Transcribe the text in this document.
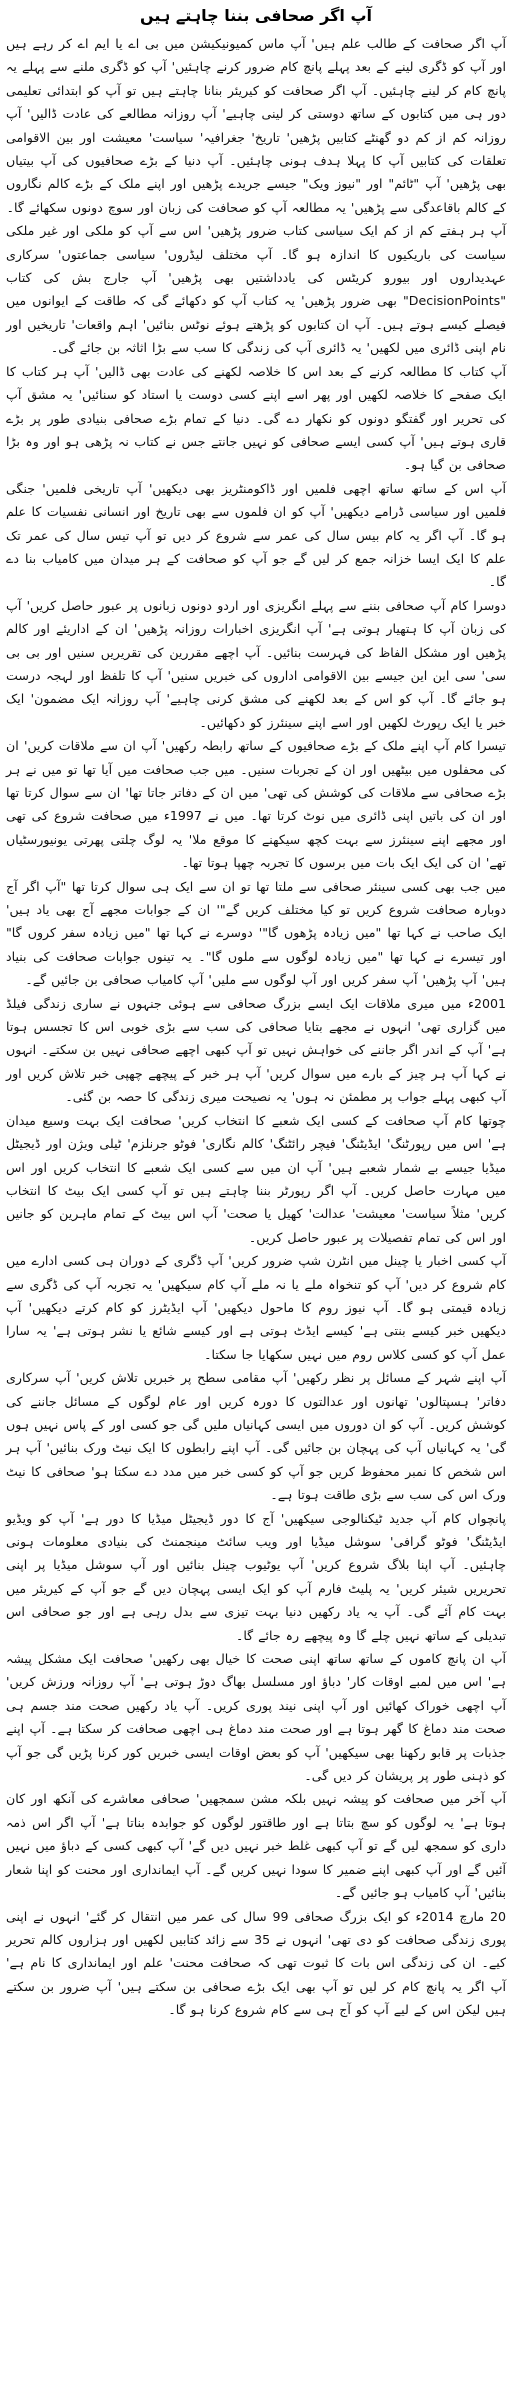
آپ اگر صحافی بننا چاہتے ہیں

آپ اگر صحافت کے طالب علم ہیں' آپ ماس کمیونیکیشن میں بی اے یا ایم اے کر رہے ہیں اور آپ کو ڈگری لینے کے بعد پہلے پانچ کام ضرور کرنے چاہئیں' آپ کو ڈگری ملنے سے پہلے یہ پانچ کام کر لینے چاہئیں۔ آپ اگر صحافت کو کیریئر بنانا چاہتے ہیں تو آپ کو ابتدائی تعلیمی دور ہی میں کتابوں کے ساتھ دوستی کر لینی چاہیے' آپ روزانہ مطالعے کی عادت ڈالیں' آپ روزانہ کم از کم دو گھنٹے کتابیں پڑھیں' تاریخ' جغرافیہ' سیاست' معیشت اور بین الاقوامی تعلقات کی کتابیں آپ کا پہلا ہدف ہونی چاہئیں۔ آپ دنیا کے بڑے صحافیوں کی آپ بیتیاں بھی پڑھیں' آپ "ٹائم" اور "نیوز ویک" جیسے جریدے پڑھیں اور اپنے ملک کے بڑے کالم نگاروں کے کالم باقاعدگی سے پڑھیں' یہ مطالعہ آپ کو صحافت کی زبان اور سوچ دونوں سکھائے گا۔

آپ ہر ہفتے کم از کم ایک سیاسی کتاب ضرور پڑھیں' اس سے آپ کو ملکی اور غیر ملکی سیاست کی باریکیوں کا اندازہ ہو گا۔ آپ مختلف لیڈروں' سیاسی جماعتوں' سرکاری عہدیداروں اور بیورو کریٹس کی یادداشتیں بھی پڑھیں' آپ جارج بش کی کتاب "DecisionPoints" بھی ضرور پڑھیں' یہ کتاب آپ کو دکھائے گی کہ طاقت کے ایوانوں میں فیصلے کیسے ہوتے ہیں۔ آپ ان کتابوں کو پڑھتے ہوئے نوٹس بنائیں' اہم واقعات' تاریخیں اور نام اپنی ڈائری میں لکھیں' یہ ڈائری آپ کی زندگی کا سب سے بڑا اثاثہ بن جائے گی۔

آپ کتاب کا مطالعہ کرنے کے بعد اس کا خلاصہ لکھنے کی عادت بھی ڈالیں' آپ ہر کتاب کا ایک صفحے کا خلاصہ لکھیں اور پھر اسے اپنے کسی دوست یا استاد کو سنائیں' یہ مشق آپ کی تحریر اور گفتگو دونوں کو نکھار دے گی۔ دنیا کے تمام بڑے صحافی بنیادی طور پر بڑے قاری ہوتے ہیں' آپ کسی ایسے صحافی کو نہیں جانتے جس نے کتاب نہ پڑھی ہو اور وہ بڑا صحافی بن گیا ہو۔

آپ اس کے ساتھ ساتھ اچھی فلمیں اور ڈاکومنٹریز بھی دیکھیں' آپ تاریخی فلمیں' جنگی فلمیں اور سیاسی ڈرامے دیکھیں' آپ کو ان فلموں سے بھی تاریخ اور انسانی نفسیات کا علم ہو گا۔ آپ اگر یہ کام بیس سال کی عمر سے شروع کر دیں تو آپ تیس سال کی عمر تک علم کا ایک ایسا خزانہ جمع کر لیں گے جو آپ کو صحافت کے ہر میدان میں کامیاب بنا دے گا۔

دوسرا کام آپ صحافی بننے سے پہلے انگریزی اور اردو دونوں زبانوں پر عبور حاصل کریں' آپ کی زبان آپ کا ہتھیار ہوتی ہے' آپ انگریزی اخبارات روزانہ پڑھیں' ان کے اداریئے اور کالم پڑھیں اور مشکل الفاظ کی فہرست بنائیں۔ آپ اچھے مقررین کی تقریریں سنیں اور بی بی سی' سی این این جیسے بین الاقوامی اداروں کی خبریں سنیں' آپ کا تلفظ اور لہجہ درست ہو جائے گا۔ آپ کو اس کے بعد لکھنے کی مشق کرنی چاہیے' آپ روزانہ ایک مضمون' ایک خبر یا ایک رپورٹ لکھیں اور اسے اپنے سینئرز کو دکھائیں۔

تیسرا کام آپ اپنے ملک کے بڑے صحافیوں کے ساتھ رابطہ رکھیں' آپ ان سے ملاقات کریں' ان کی محفلوں میں بیٹھیں اور ان کے تجربات سنیں۔ میں جب صحافت میں آیا تھا تو میں نے ہر بڑے صحافی سے ملاقات کی کوشش کی تھی' میں ان کے دفاتر جاتا تھا' ان سے سوال کرتا تھا اور ان کی باتیں اپنی ڈائری میں نوٹ کرتا تھا۔ میں نے 1997ء میں صحافت شروع کی تھی اور مجھے اپنے سینئرز سے بہت کچھ سیکھنے کا موقع ملا' یہ لوگ چلتی پھرتی یونیورسٹیاں تھے' ان کی ایک ایک بات میں برسوں کا تجربہ چھپا ہوتا تھا۔

میں جب بھی کسی سینئر صحافی سے ملتا تھا تو ان سے ایک ہی سوال کرتا تھا "آپ اگر آج دوبارہ صحافت شروع کریں تو کیا مختلف کریں گے"' ان کے جوابات مجھے آج بھی یاد ہیں' ایک صاحب نے کہا تھا "میں زیادہ پڑھوں گا"' دوسرے نے کہا تھا "میں زیادہ سفر کروں گا" اور تیسرے نے کہا تھا "میں زیادہ لوگوں سے ملوں گا"۔ یہ تینوں جوابات صحافت کی بنیاد ہیں' آپ پڑھیں' آپ سفر کریں اور آپ لوگوں سے ملیں' آپ کامیاب صحافی بن جائیں گے۔

2001ء میں میری ملاقات ایک ایسے بزرگ صحافی سے ہوئی جنہوں نے ساری زندگی فیلڈ میں گزاری تھی' انہوں نے مجھے بتایا صحافی کی سب سے بڑی خوبی اس کا تجسس ہوتا ہے' آپ کے اندر اگر جاننے کی خواہش نہیں تو آپ کبھی اچھے صحافی نہیں بن سکتے۔ انہوں نے کہا آپ ہر چیز کے بارے میں سوال کریں' آپ ہر خبر کے پیچھے چھپی خبر تلاش کریں اور آپ کبھی پہلے جواب پر مطمئن نہ ہوں' یہ نصیحت میری زندگی کا حصہ بن گئی۔

چوتھا کام آپ صحافت کے کسی ایک شعبے کا انتخاب کریں' صحافت ایک بہت وسیع میدان ہے' اس میں رپورٹنگ' ایڈیٹنگ' فیچر رائٹنگ' کالم نگاری' فوٹو جرنلزم' ٹیلی ویژن اور ڈیجیٹل میڈیا جیسے بے شمار شعبے ہیں' آپ ان میں سے کسی ایک شعبے کا انتخاب کریں اور اس میں مہارت حاصل کریں۔ آپ اگر رپورٹر بننا چاہتے ہیں تو آپ کسی ایک بیٹ کا انتخاب کریں' مثلاً سیاست' معیشت' عدالت' کھیل یا صحت' آپ اس بیٹ کے تمام ماہرین کو جانیں اور اس کی تمام تفصیلات پر عبور حاصل کریں۔

آپ کسی اخبار یا چینل میں انٹرن شپ ضرور کریں' آپ ڈگری کے دوران ہی کسی ادارے میں کام شروع کر دیں' آپ کو تنخواہ ملے یا نہ ملے آپ کام سیکھیں' یہ تجربہ آپ کی ڈگری سے زیادہ قیمتی ہو گا۔ آپ نیوز روم کا ماحول دیکھیں' آپ ایڈیٹرز کو کام کرتے دیکھیں' آپ دیکھیں خبر کیسے بنتی ہے' کیسے ایڈٹ ہوتی ہے اور کیسے شائع یا نشر ہوتی ہے' یہ سارا عمل آپ کو کسی کلاس روم میں نہیں سکھایا جا سکتا۔

آپ اپنے شہر کے مسائل پر نظر رکھیں' آپ مقامی سطح پر خبریں تلاش کریں' آپ سرکاری دفاتر' ہسپتالوں' تھانوں اور عدالتوں کا دورہ کریں اور عام لوگوں کے مسائل جاننے کی کوشش کریں۔ آپ کو ان دوروں میں ایسی کہانیاں ملیں گی جو کسی اور کے پاس نہیں ہوں گی' یہ کہانیاں آپ کی پہچان بن جائیں گی۔ آپ اپنے رابطوں کا ایک نیٹ ورک بنائیں' آپ ہر اس شخص کا نمبر محفوظ کریں جو آپ کو کسی خبر میں مدد دے سکتا ہو' صحافی کا نیٹ ورک اس کی سب سے بڑی طاقت ہوتا ہے۔

پانچواں کام آپ جدید ٹیکنالوجی سیکھیں' آج کا دور ڈیجیٹل میڈیا کا دور ہے' آپ کو ویڈیو ایڈیٹنگ' فوٹو گرافی' سوشل میڈیا اور ویب سائٹ مینجمنٹ کی بنیادی معلومات ہونی چاہئیں۔ آپ اپنا بلاگ شروع کریں' آپ یوٹیوب چینل بنائیں اور آپ سوشل میڈیا پر اپنی تحریریں شیئر کریں' یہ پلیٹ فارم آپ کو ایک ایسی پہچان دیں گے جو آپ کے کیریئر میں بہت کام آئے گی۔ آپ یہ یاد رکھیں دنیا بہت تیزی سے بدل رہی ہے اور جو صحافی اس تبدیلی کے ساتھ نہیں چلے گا وہ پیچھے رہ جائے گا۔

آپ ان پانچ کاموں کے ساتھ ساتھ اپنی صحت کا خیال بھی رکھیں' صحافت ایک مشکل پیشہ ہے' اس میں لمبے اوقات کار' دباؤ اور مسلسل بھاگ دوڑ ہوتی ہے' آپ روزانہ ورزش کریں' آپ اچھی خوراک کھائیں اور آپ اپنی نیند پوری کریں۔ آپ یاد رکھیں صحت مند جسم ہی صحت مند دماغ کا گھر ہوتا ہے اور صحت مند دماغ ہی اچھی صحافت کر سکتا ہے۔ آپ اپنے جذبات پر قابو رکھنا بھی سیکھیں' آپ کو بعض اوقات ایسی خبریں کور کرنا پڑیں گی جو آپ کو ذہنی طور پر پریشان کر دیں گی۔

آپ آخر میں صحافت کو پیشہ نہیں بلکہ مشن سمجھیں' صحافی معاشرے کی آنکھ اور کان ہوتا ہے' یہ لوگوں کو سچ بتاتا ہے اور طاقتور لوگوں کو جوابدہ بناتا ہے' آپ اگر اس ذمہ داری کو سمجھ لیں گے تو آپ کبھی غلط خبر نہیں دیں گے' آپ کبھی کسی کے دباؤ میں نہیں آئیں گے اور آپ کبھی اپنے ضمیر کا سودا نہیں کریں گے۔ آپ ایمانداری اور محنت کو اپنا شعار بنائیں' آپ کامیاب ہو جائیں گے۔

20 مارچ 2014ء کو ایک بزرگ صحافی 99 سال کی عمر میں انتقال کر گئے' انہوں نے اپنی پوری زندگی صحافت کو دی تھی' انہوں نے 35 سے زائد کتابیں لکھیں اور ہزاروں کالم تحریر کیے۔ ان کی زندگی اس بات کا ثبوت تھی کہ صحافت محنت' علم اور ایمانداری کا نام ہے' آپ اگر یہ پانچ کام کر لیں تو آپ بھی ایک بڑے صحافی بن سکتے ہیں' آپ ضرور بن سکتے ہیں لیکن اس کے لیے آپ کو آج ہی سے کام شروع کرنا ہو گا۔
